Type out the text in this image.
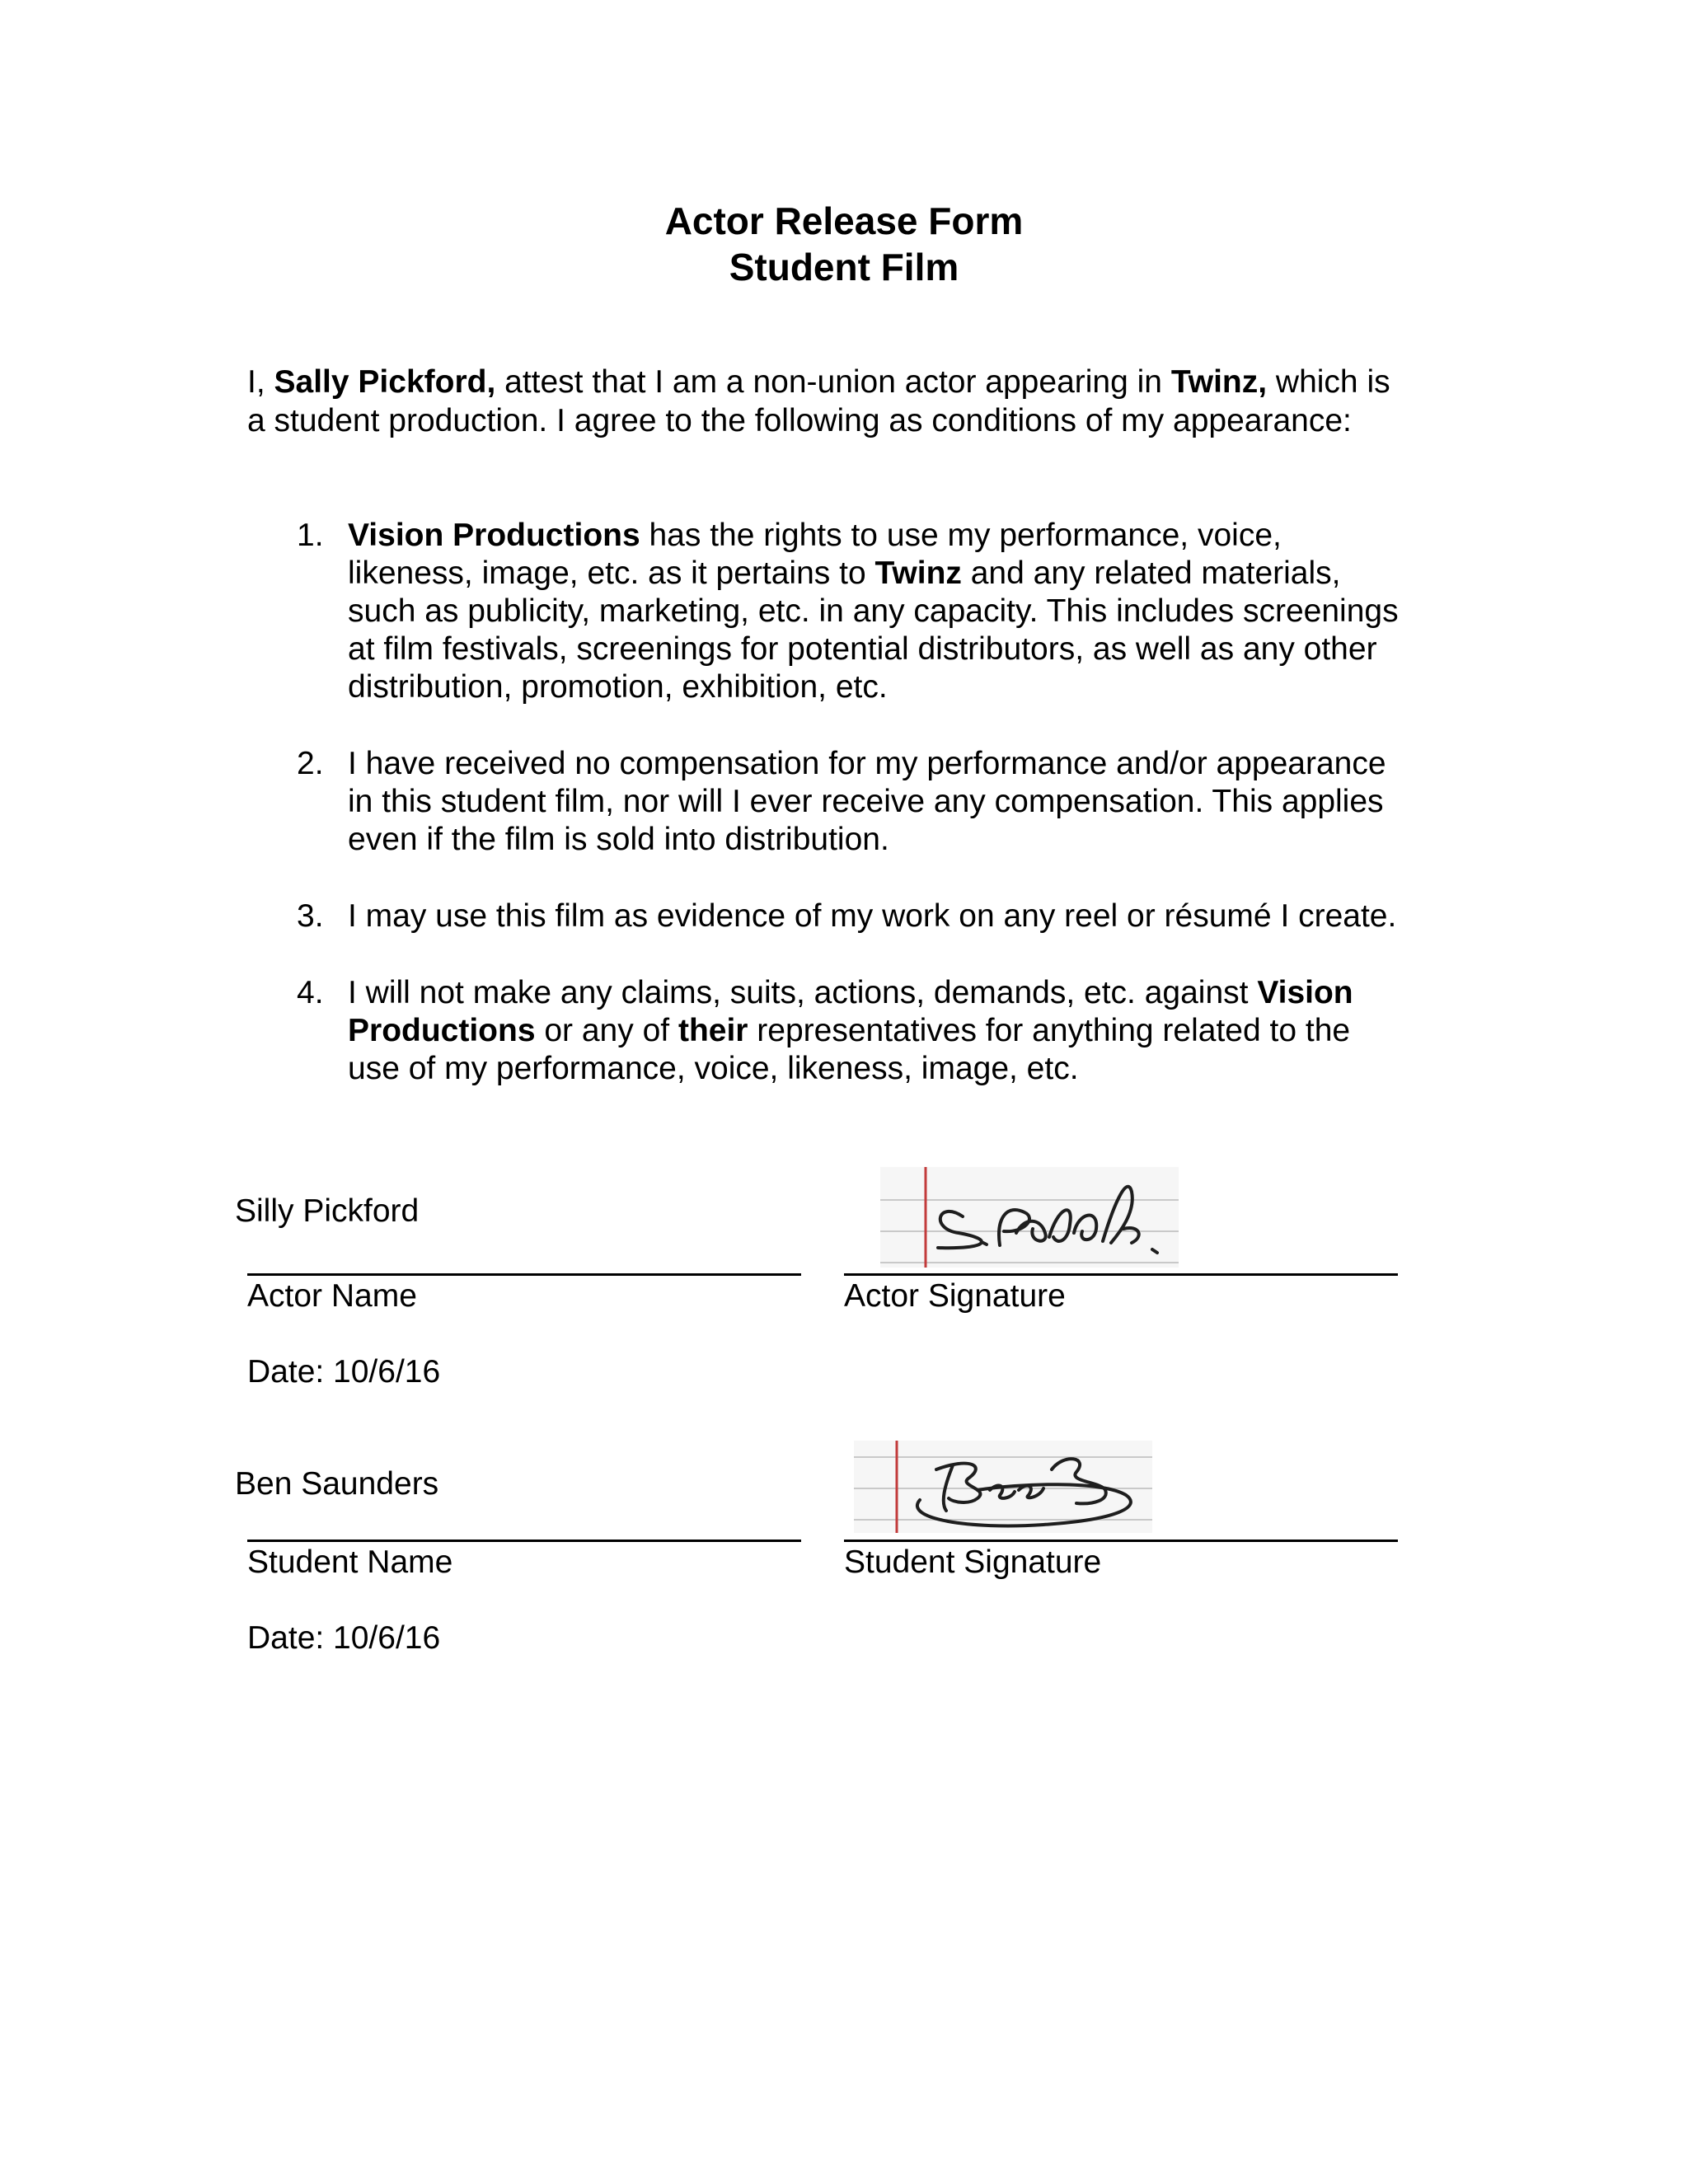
Actor Release Form
Student Film
I, Sally Pickford, attest that I am a non-union actor appearing in Twinz, which is
a student production. I agree to the following as conditions of my appearance:
1. Vision Productions has the rights to use my performance, voice,
likeness, image, etc. as it pertains to Twinz and any related materials,
such as publicity, marketing, etc. in any capacity. This includes screenings
at film festivals, screenings for potential distributors, as well as any other
distribution, promotion, exhibition, etc.
2. I have received no compensation for my performance and/or appearance
in this student film, nor will I ever receive any compensation. This applies
even if the film is sold into distribution.
3. I may use this film as evidence of my work on any reel or résumé I create.
4. I will not make any claims, suits, actions, demands, etc. against Vision
Productions or any of their representatives for anything related to the
use of my performance, voice, likeness, image, etc.
Silly Pickford
Actor Name	Actor Signature
Date: 10/6/16
Ben Saunders
Student Name	Student Signature
Date: 10/6/16
